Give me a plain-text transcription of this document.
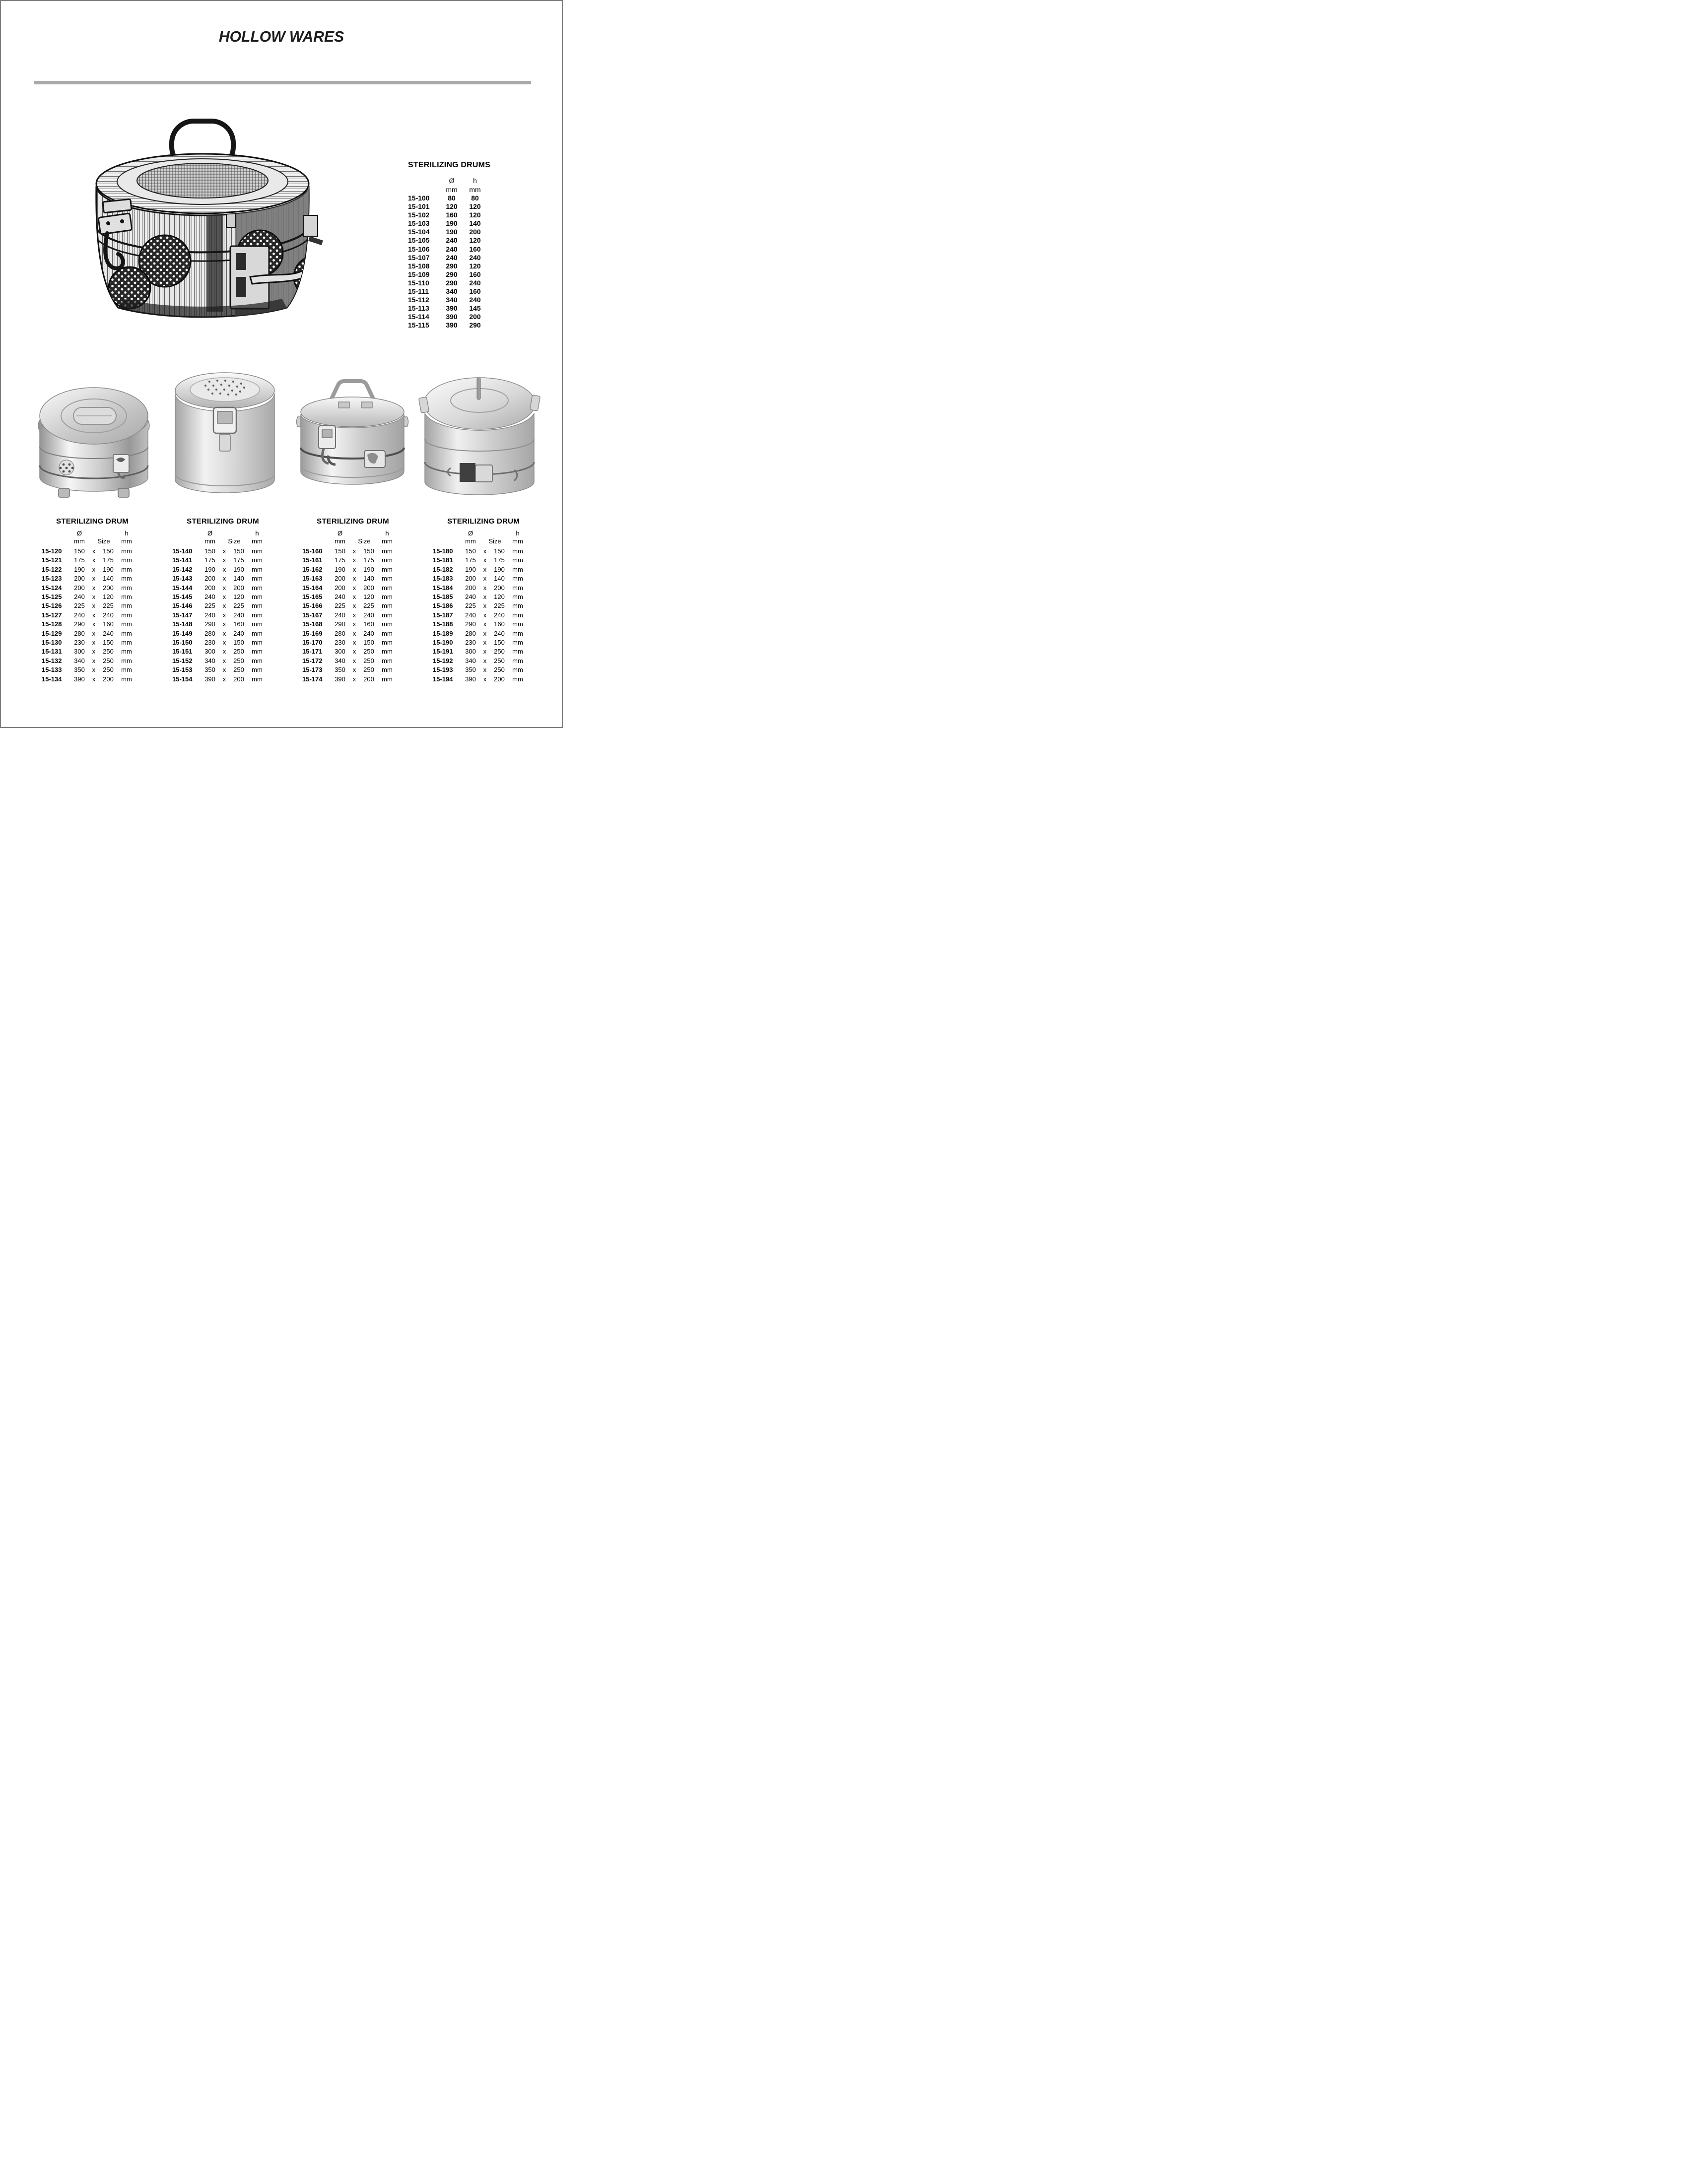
HOLLOW WARES
STERILIZING DRUMS
Ø	h
mm	mm
15-100	80	80
15-101	120	120
15-102	160	120
15-103	190	140
15-104	190	200
15-105	240	120
15-106	240	160
15-107	240	240
15-108	290	120
15-109	290	160
15-110	290	240
15-111	340	160
15-112	340	240
15-113	390	145
15-114	390	200
15-115	390	290
STERILIZING DRUM
Ø	h
mm	Size	mm
15-120	150	x	150	mm
15-121	175	x	175	mm
15-122	190	x	190	mm
15-123	200	x	140	mm
15-124	200	x	200	mm
15-125	240	x	120	mm
15-126	225	x	225	mm
15-127	240	x	240	mm
15-128	290	x	160	mm
15-129	280	x	240	mm
15-130	230	x	150	mm
15-131	300	x	250	mm
15-132	340	x	250	mm
15-133	350	x	250	mm
15-134	390	x	200	mm
STERILIZING DRUM
Ø	h
mm	Size	mm
15-140	150	x	150	mm
15-141	175	x	175	mm
15-142	190	x	190	mm
15-143	200	x	140	mm
15-144	200	x	200	mm
15-145	240	x	120	mm
15-146	225	x	225	mm
15-147	240	x	240	mm
15-148	290	x	160	mm
15-149	280	x	240	mm
15-150	230	x	150	mm
15-151	300	x	250	mm
15-152	340	x	250	mm
15-153	350	x	250	mm
15-154	390	x	200	mm
STERILIZING DRUM
Ø	h
mm	Size	mm
15-160	150	x	150	mm
15-161	175	x	175	mm
15-162	190	x	190	mm
15-163	200	x	140	mm
15-164	200	x	200	mm
15-165	240	x	120	mm
15-166	225	x	225	mm
15-167	240	x	240	mm
15-168	290	x	160	mm
15-169	280	x	240	mm
15-170	230	x	150	mm
15-171	300	x	250	mm
15-172	340	x	250	mm
15-173	350	x	250	mm
15-174	390	x	200	mm
STERILIZING DRUM
Ø	h
mm	Size	mm
15-180	150	x	150	mm
15-181	175	x	175	mm
15-182	190	x	190	mm
15-183	200	x	140	mm
15-184	200	x	200	mm
15-185	240	x	120	mm
15-186	225	x	225	mm
15-187	240	x	240	mm
15-188	290	x	160	mm
15-189	280	x	240	mm
15-190	230	x	150	mm
15-191	300	x	250	mm
15-192	340	x	250	mm
15-193	350	x	250	mm
15-194	390	x	200	mm
